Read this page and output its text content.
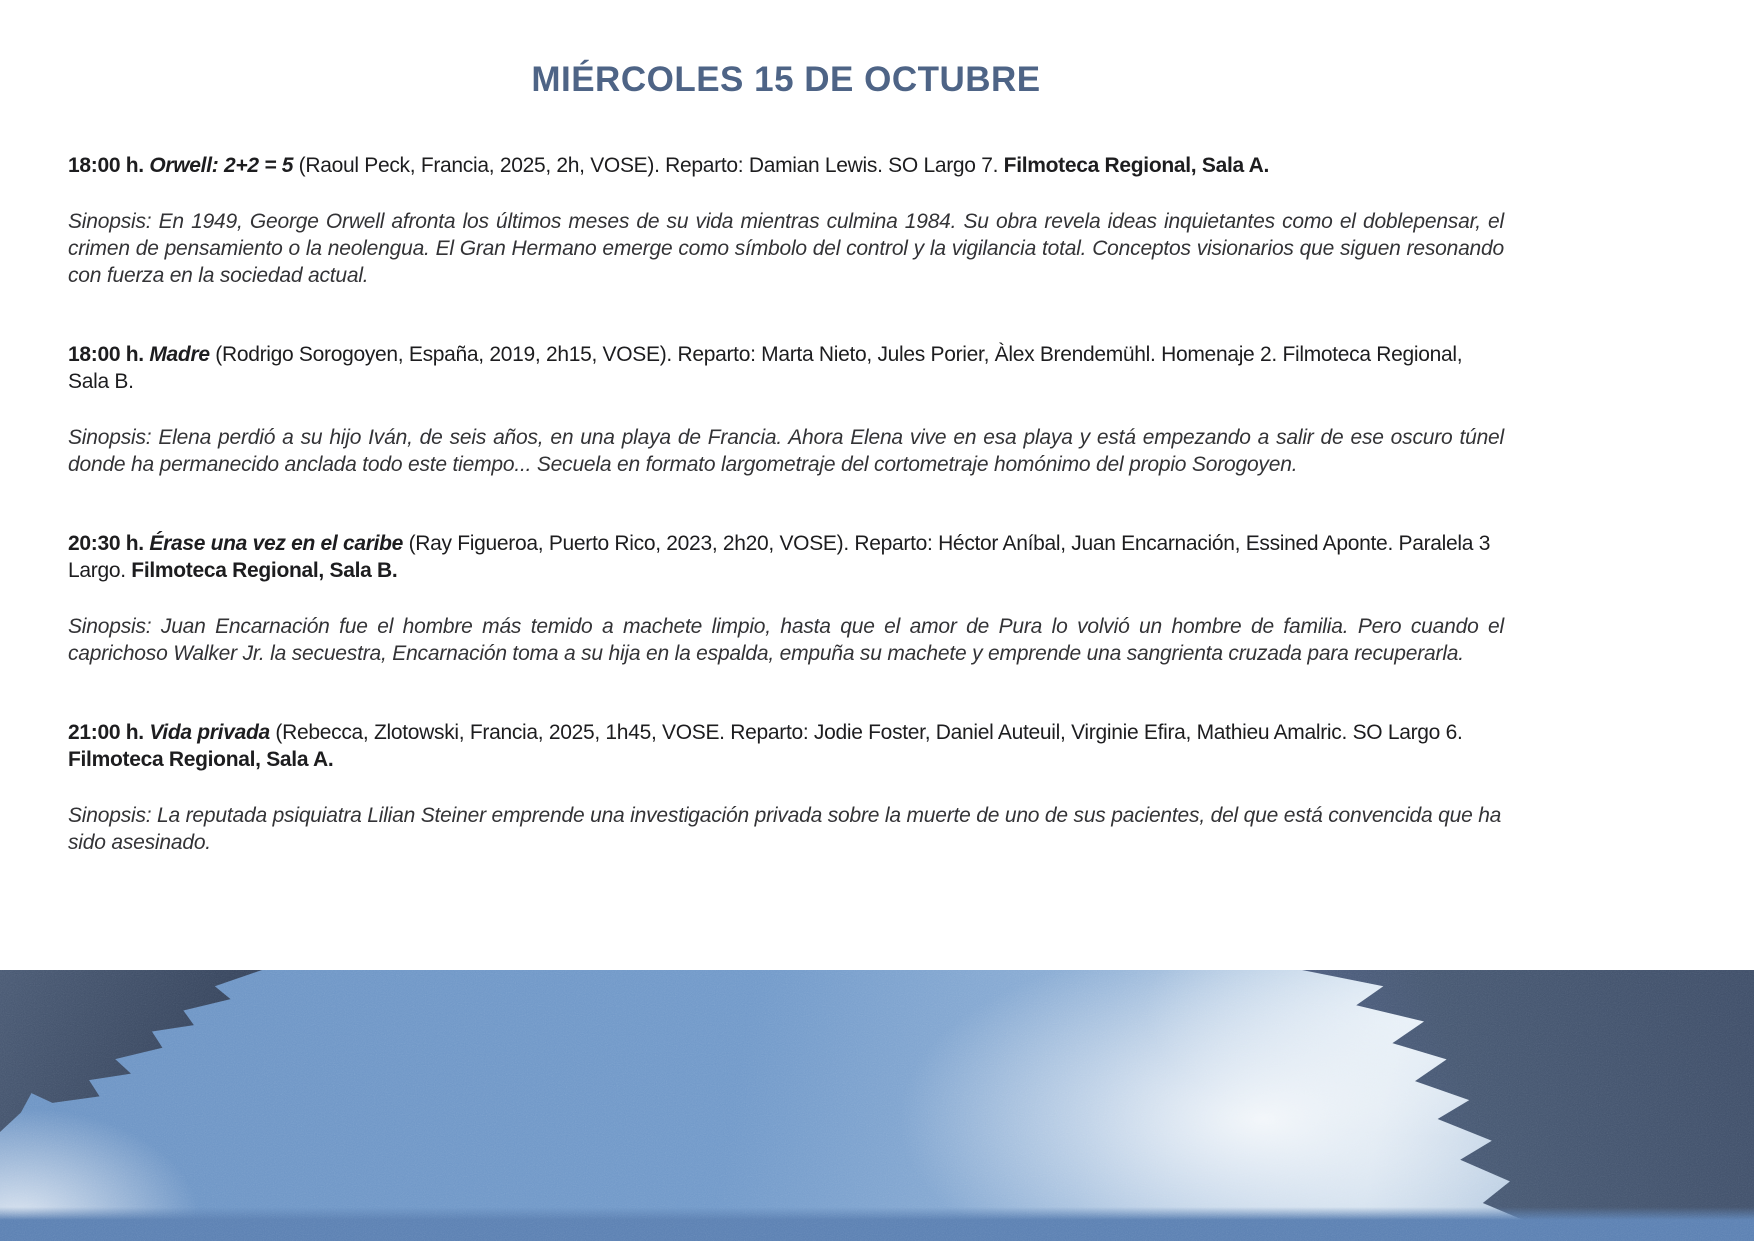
MIÉRCOLES 15 DE OCTUBRE

18:00 h. Orwell: 2+2 = 5 (Raoul Peck, Francia, 2025, 2h, VOSE). Reparto: Damian Lewis. SO Largo 7. Filmoteca Regional, Sala A.

Sinopsis: En 1949, George Orwell afronta los últimos meses de su vida mientras culmina 1984. Su obra revela ideas inquietantes como el doblepensar, el crimen de pensamiento o la neolengua. El Gran Hermano emerge como símbolo del control y la vigilancia total. Conceptos visionarios que siguen resonando con fuerza en la sociedad actual.

18:00 h. Madre (Rodrigo Sorogoyen, España, 2019, 2h15, VOSE). Reparto: Marta Nieto, Jules Porier, Àlex Brendemühl. Homenaje 2. Filmoteca Regional, Sala B.

Sinopsis: Elena perdió a su hijo Iván, de seis años, en una playa de Francia. Ahora Elena vive en esa playa y está empezando a salir de ese oscuro túnel donde ha permanecido anclada todo este tiempo... Secuela en formato largometraje del cortometraje homónimo del propio Sorogoyen.

20:30 h. Érase una vez en el caribe (Ray Figueroa, Puerto Rico, 2023, 2h20, VOSE). Reparto: Héctor Aníbal, Juan Encarnación, Essined Aponte. Paralela 3 Largo. Filmoteca Regional, Sala B.

Sinopsis: Juan Encarnación fue el hombre más temido a machete limpio, hasta que el amor de Pura lo volvió un hombre de familia. Pero cuando el caprichoso Walker Jr. la secuestra, Encarnación toma a su hija en la espalda, empuña su machete y emprende una sangrienta cruzada para recuperarla.

21:00 h. Vida privada (Rebecca, Zlotowski, Francia, 2025, 1h45, VOSE. Reparto: Jodie Foster, Daniel Auteuil, Virginie Efira, Mathieu Amalric. SO Largo 6. Filmoteca Regional, Sala A.

Sinopsis: La reputada psiquiatra Lilian Steiner emprende una investigación privada sobre la muerte de uno de sus pacientes, del que está convencida que ha sido asesinado.
